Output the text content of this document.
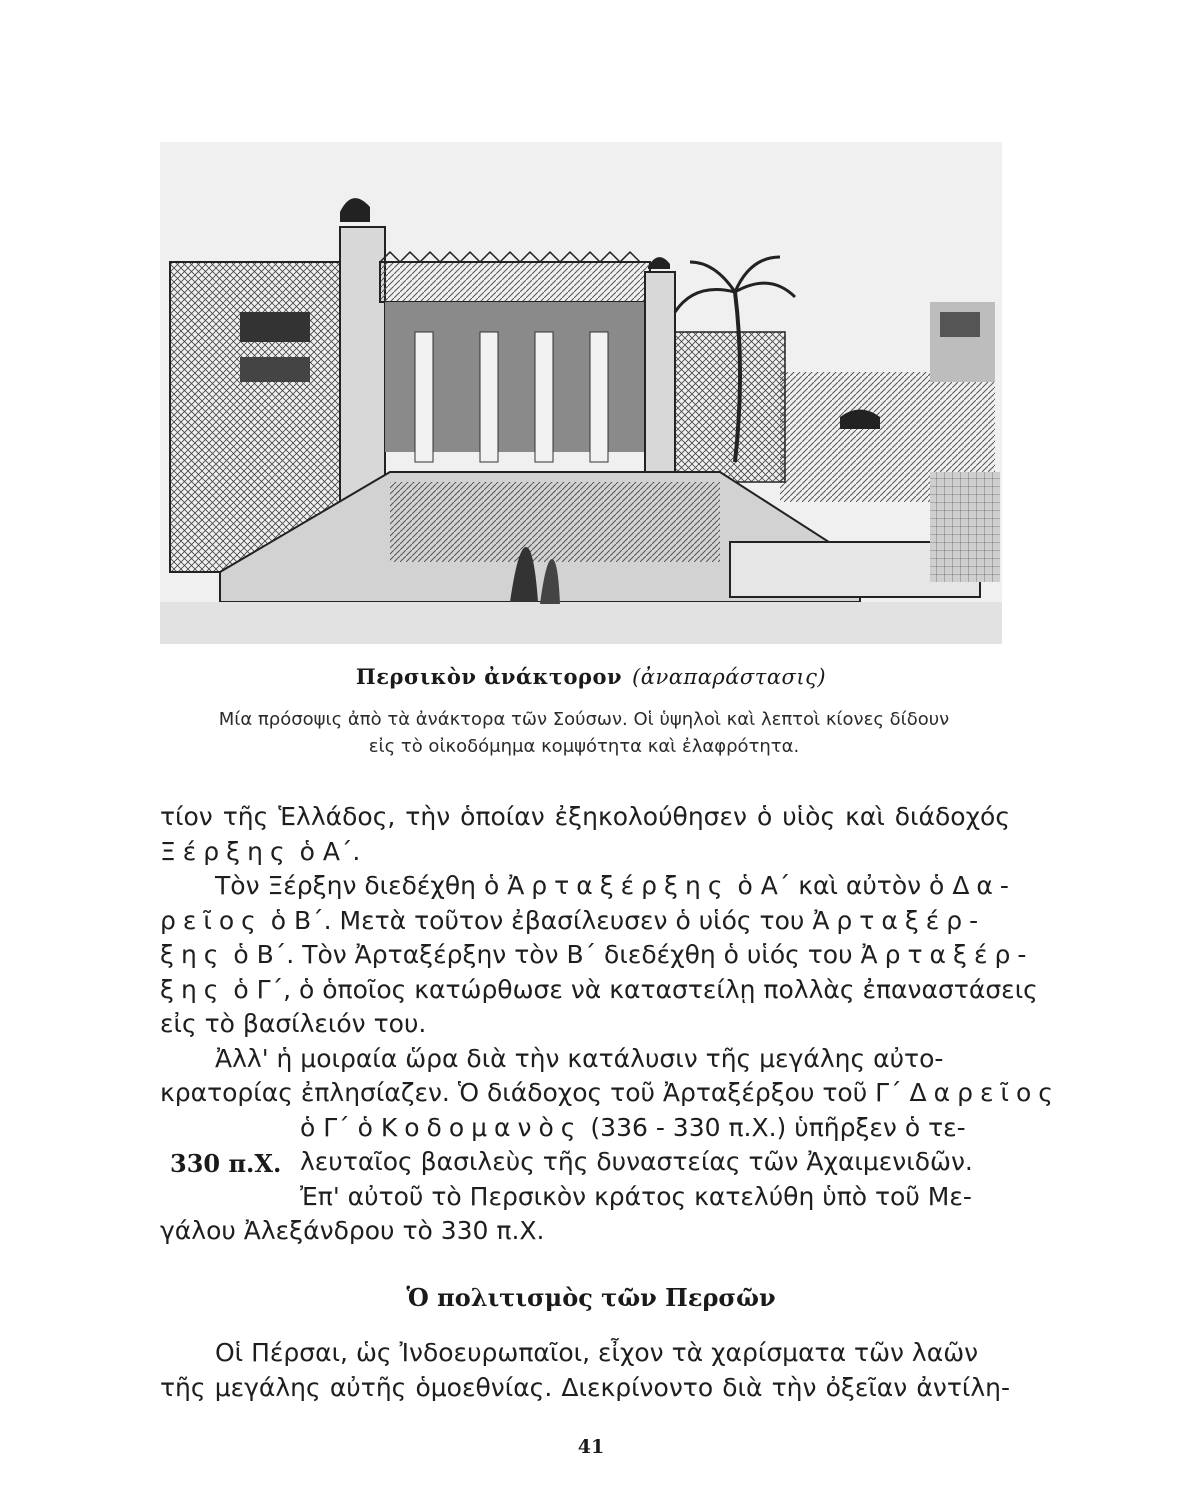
Περσικὸν ἀνάκτορον (ἀναπαράστασις)
Μία πρόσοψις ἀπὸ τὰ ἀνάκτορα τῶν Σούσων. Οἱ ὑψηλοὶ καὶ λεπτοὶ κίονες δίδουν
εἰς τὸ οἰκοδόμημα κομψότητα καὶ ἐλαφρότητα.
τίον τῆς Ἑλλάδος, τὴν ὁποίαν ἐξηκολούθησεν ὁ υἱὸς καὶ διάδοχός
Ξέρξης ὁ Α΄.
Τὸν Ξέρξην διεδέχθη ὁ Ἀρταξέρξης ὁ Α΄ καὶ αὐτὸν ὁ Δα-
ρεῖος ὁ Β΄. Μετὰ τοῦτον ἐβασίλευσεν ὁ υἱός του Ἀρταξέρ-
ξης ὁ Β΄. Τὸν Ἀρταξέρξην τὸν Β΄ διεδέχθη ὁ υἱός του Ἀρταξέρ-
ξης ὁ Γ΄, ὁ ὁποῖος κατώρθωσε νὰ καταστείλῃ πολλὰς ἐπαναστάσεις
εἰς τὸ βασίλειόν του.
Ἀλλ' ἡ μοιραία ὥρα διὰ τὴν κατάλυσιν τῆς μεγάλης αὐτο-
κρατορίας ἐπλησίαζεν. Ὁ διάδοχος τοῦ Ἀρταξέρξου τοῦ Γ΄ Δαρεῖος
ὁ Γ΄ ὁ Κοδομανὸς (336 - 330 π.Χ.) ὑπῆρξεν ὁ τε-
λευταῖος βασιλεὺς τῆς δυναστείας τῶν Ἀχαιμενιδῶν.
Ἐπ' αὐτοῦ τὸ Περσικὸν κράτος κατελύθη ὑπὸ τοῦ Με-
γάλου Ἀλεξάνδρου τὸ 330 π.Χ.
330 π.Χ.
Ὁ πολιτισμὸς τῶν Περσῶν
Οἱ Πέρσαι, ὡς Ἰνδοευρωπαῖοι, εἶχον τὰ χαρίσματα τῶν λαῶν
τῆς μεγάλης αὐτῆς ὁμοεθνίας. Διεκρίνοντο διὰ τὴν ὀξεῖαν ἀντίλη-
41
